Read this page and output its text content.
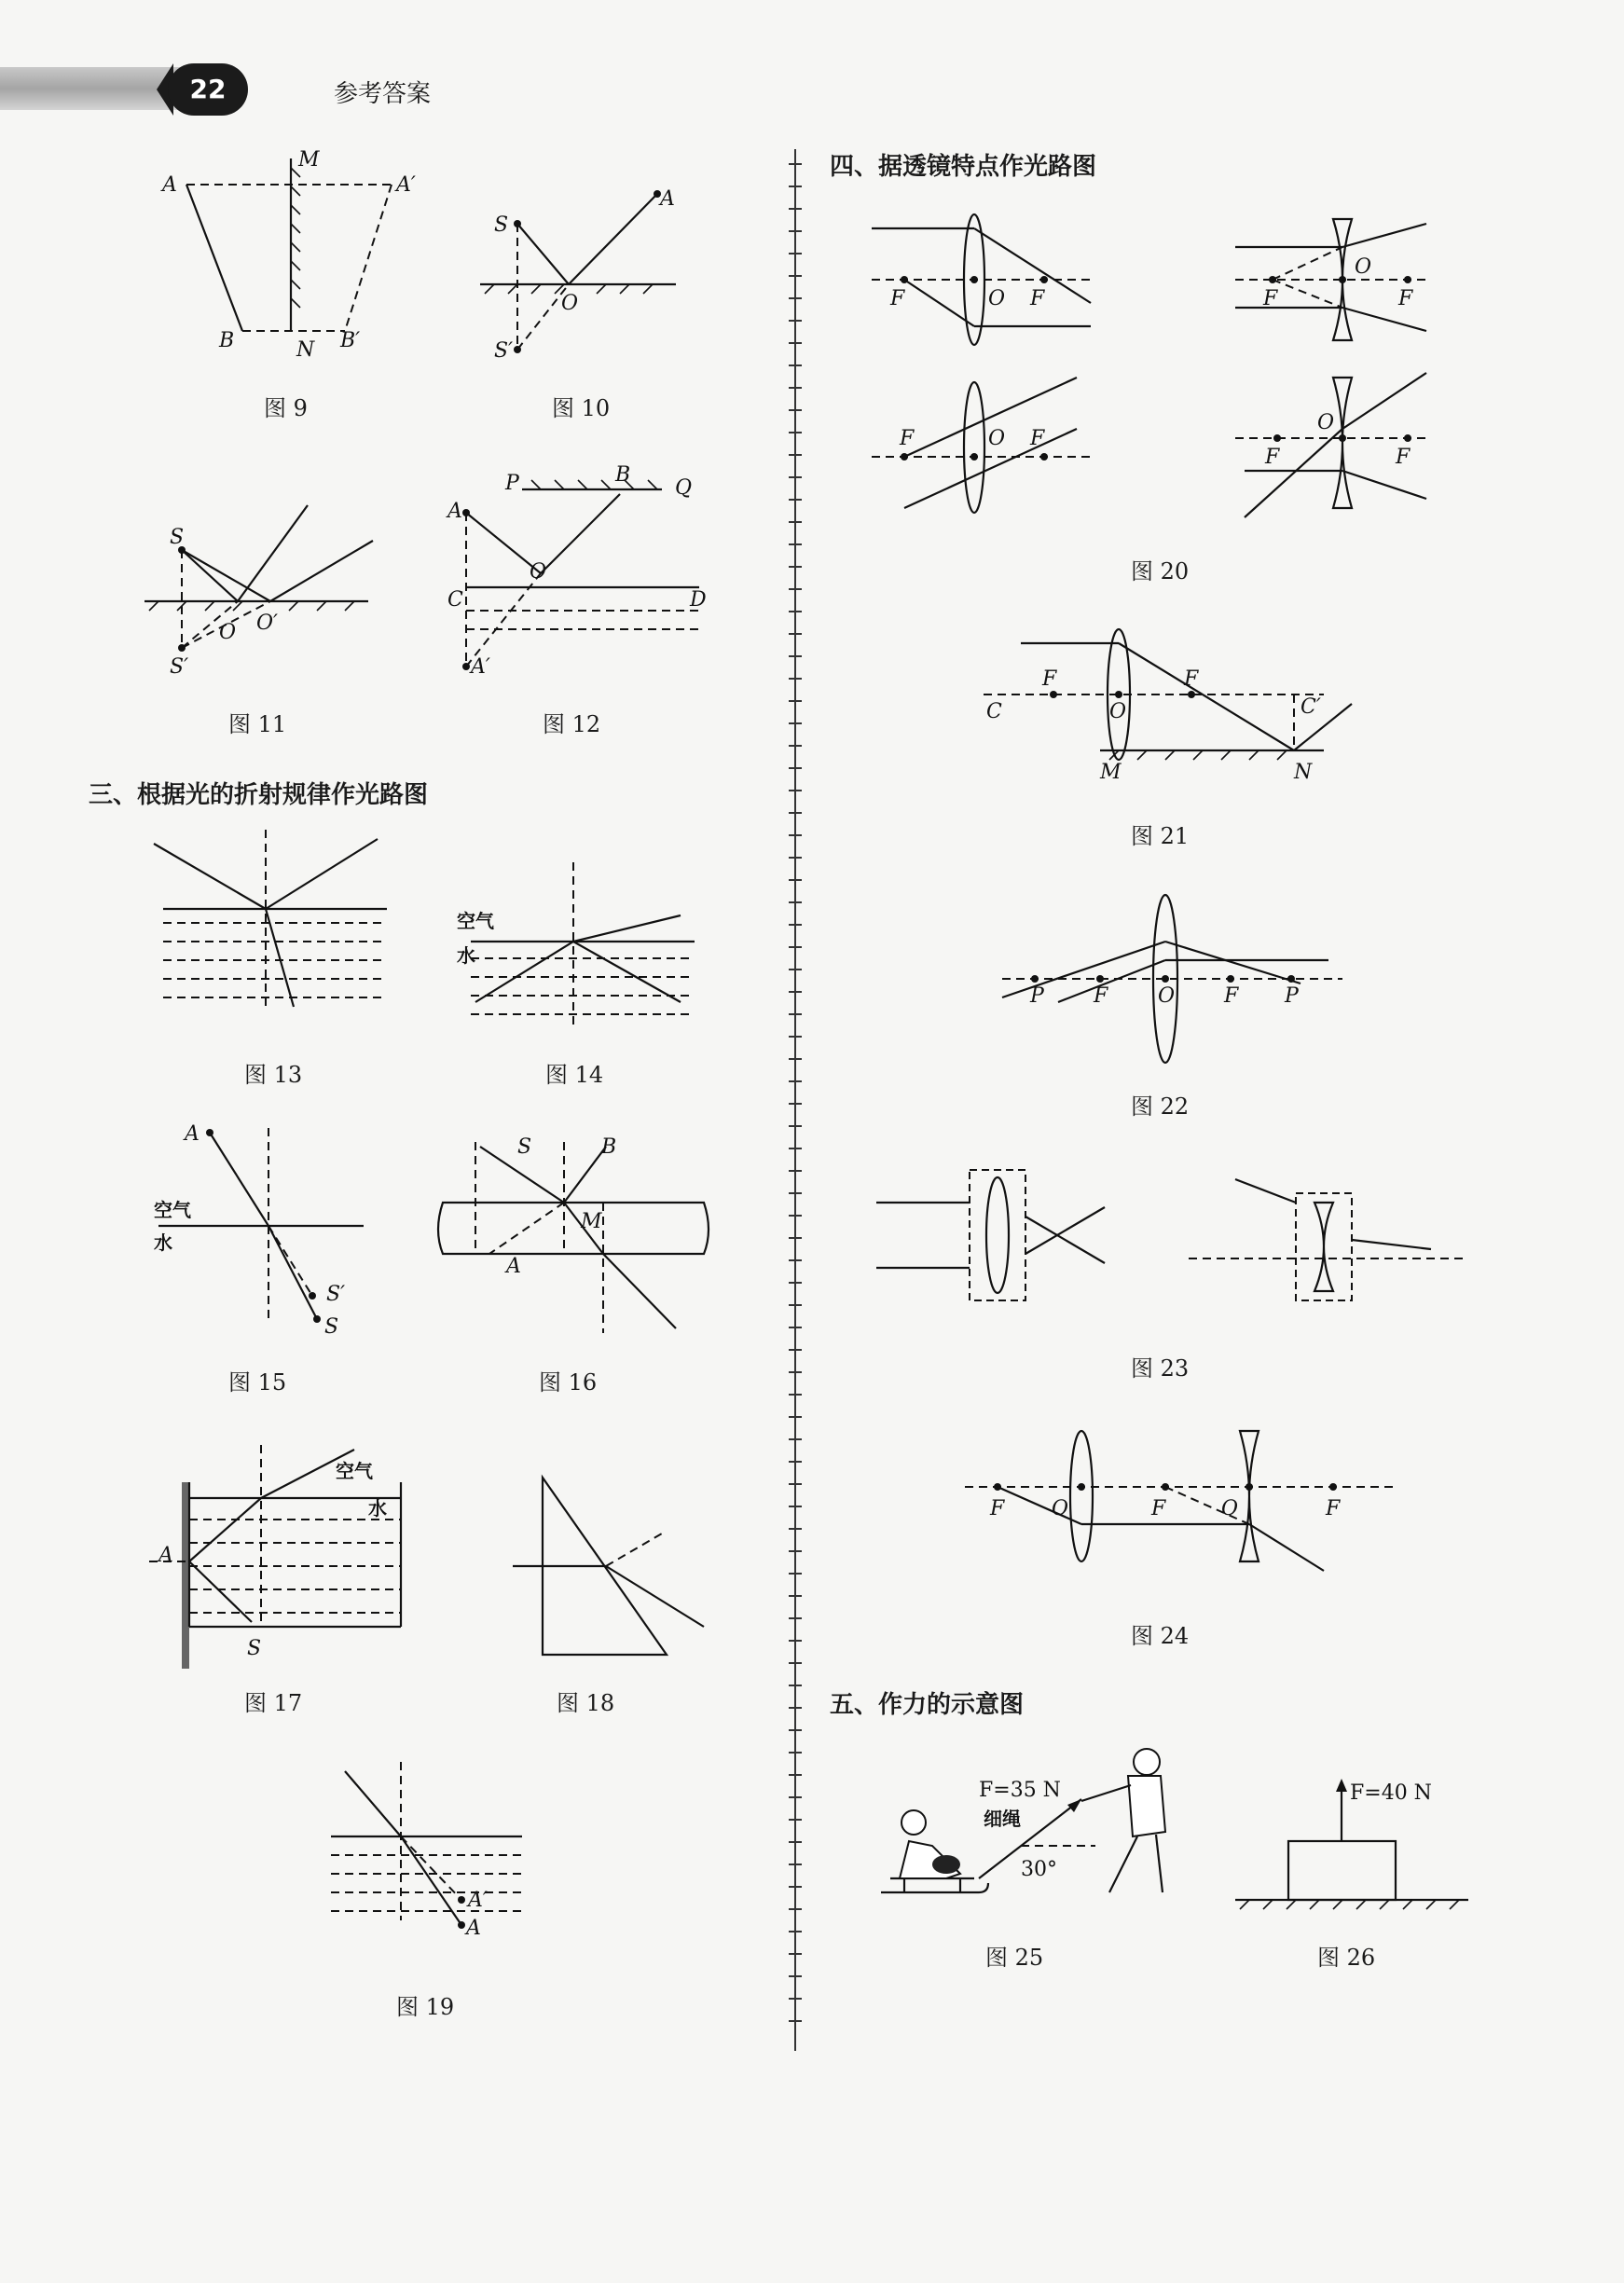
22	参考答案
三、根据光的折射规律作光路图
四、据透镜特点作光路图
五、作力的示意图
A	A′
B	B′
M
N
图 9
S
S′
O
A
图 10
S
S′
O O′
图 11
A
A′
P	B
Q
C	D
O
图 12
图 13
空气
水
图 14
A
S′
S
空气
水
图 15
S	B
M
A
图 16
A
S
空气
水
图 17	图 18
A′
A
图 19
F	O F	F
O
F
F	O F
F
O
F
图 20
C
F
O
F
C′
M	N
图 21
P F O F P
图 22
图 23
F O	F	O	F
图 24
F=35 N
细绳
30°
图 25
F=40 N
图 26
